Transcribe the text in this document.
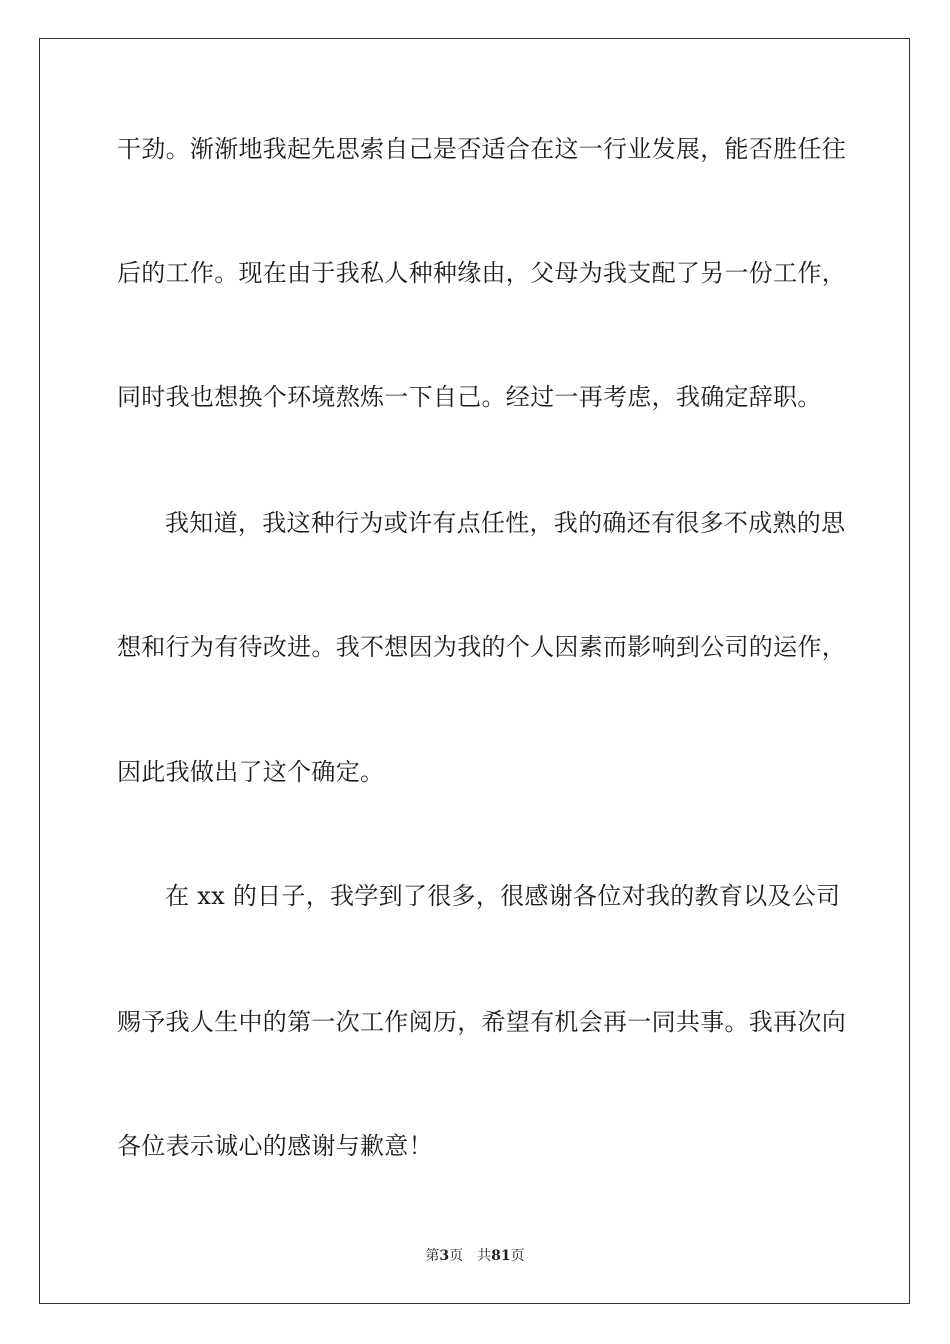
干劲。渐渐地我起先思索自己是否适合在这一行业发展，能否胜任往
后的工作。现在由于我私人种种缘由，父母为我支配了另一份工作，
同时我也想换个环境熬炼一下自己。经过一再考虑，我确定辞职。
我知道，我这种行为或许有点任性，我的确还有很多不成熟的思
想和行为有待改进。我不想因为我的个人因素而影响到公司的运作，
因此我做出了这个确定。
在 xx 的日子，我学到了很多，很感谢各位对我的教育以及公司
赐予我人生中的第一次工作阅历，希望有机会再一同共事。我再次向
各位表示诚心的感谢与歉意！
第3页 共81页
